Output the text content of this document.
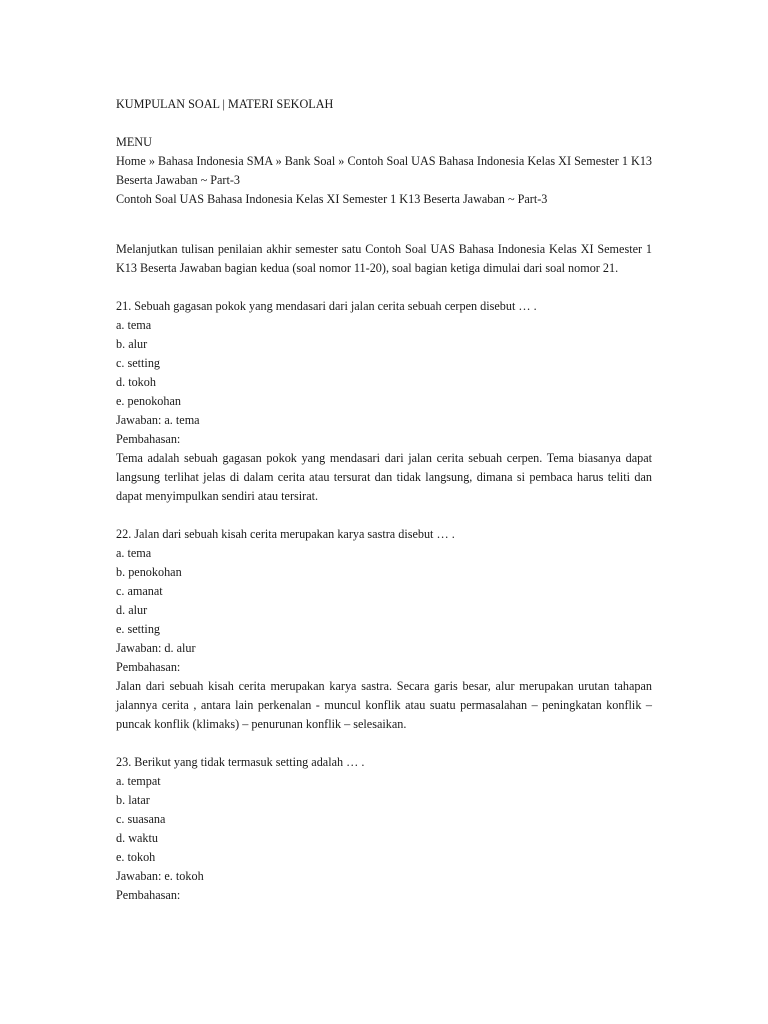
KUMPULAN SOAL | MATERI SEKOLAH
MENU
Home » Bahasa Indonesia SMA » Bank Soal » Contoh Soal UAS Bahasa Indonesia Kelas XI Semester 1 K13 Beserta Jawaban ~ Part-3
Contoh Soal UAS Bahasa Indonesia Kelas XI Semester 1 K13 Beserta Jawaban ~ Part-3
Melanjutkan tulisan penilaian akhir semester satu Contoh Soal UAS Bahasa Indonesia Kelas XI Semester 1 K13 Beserta Jawaban bagian kedua (soal nomor 11-20), soal bagian ketiga dimulai dari soal nomor 21.
21. Sebuah gagasan pokok yang mendasari dari jalan cerita sebuah cerpen disebut … .
a. tema
b. alur
c. setting
d. tokoh
e. penokohan
Jawaban: a. tema
Pembahasan:
Tema adalah sebuah gagasan pokok yang mendasari dari jalan cerita sebuah cerpen. Tema biasanya dapat langsung terlihat jelas di dalam cerita atau tersurat dan tidak langsung, dimana si pembaca harus teliti dan dapat menyimpulkan sendiri atau tersirat.
22. Jalan dari sebuah kisah cerita merupakan karya sastra disebut … .
a. tema
b. penokohan
c. amanat
d. alur
e. setting
Jawaban: d. alur
Pembahasan:
Jalan dari sebuah kisah cerita merupakan karya sastra. Secara garis besar, alur merupakan urutan tahapan jalannya cerita , antara lain perkenalan - muncul konflik atau suatu permasalahan – peningkatan konflik – puncak konflik (klimaks) – penurunan konflik – selesaikan.
23. Berikut yang tidak termasuk setting adalah … .
a. tempat
b. latar
c. suasana
d. waktu
e. tokoh
Jawaban: e. tokoh
Pembahasan:
